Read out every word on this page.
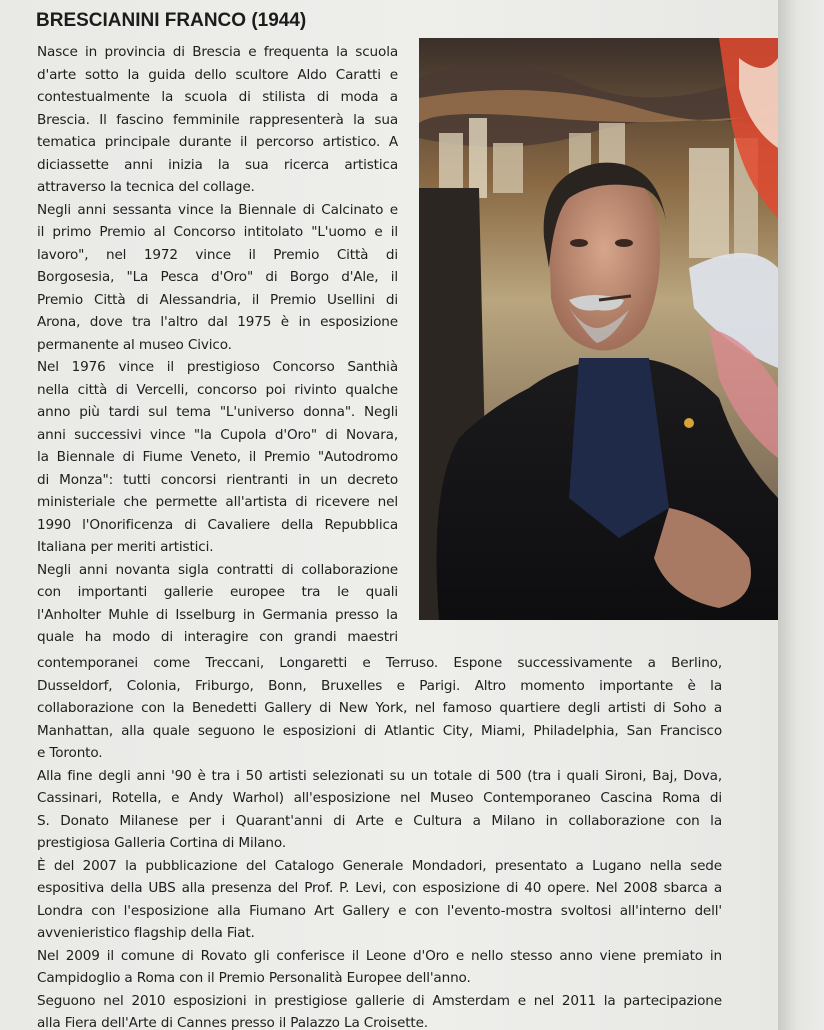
BRESCIANINI FRANCO (1944)
Nasce in provincia di Brescia e frequenta la scuola
d'arte sotto la guida dello scultore Aldo Caratti e
contestualmente la scuola di stilista di moda a
Brescia. Il fascino femminile rappresenterà la sua
tematica principale durante il percorso artistico. A
diciassette anni inizia la sua ricerca artistica
attraverso la tecnica del collage.
Negli anni sessanta vince la Biennale di Calcinato e
il primo Premio al Concorso intitolato "L'uomo e il
lavoro", nel 1972 vince il Premio Città di
Borgosesia, "La Pesca d'Oro" di Borgo d'Ale, il
Premio Città di Alessandria, il Premio Usellini di
Arona, dove tra l'altro dal 1975 è in esposizione
permanente al museo Civico.
Nel 1976 vince il prestigioso Concorso Santhià
nella città di Vercelli, concorso poi rivinto qualche
anno più tardi sul tema "L'universo donna". Negli
anni successivi vince "la Cupola d'Oro" di Novara,
la Biennale di Fiume Veneto, il Premio "Autodromo
di Monza": tutti concorsi rientranti in un decreto
ministeriale che permette all'artista di ricevere nel
1990 l'Onorificenza di Cavaliere della Repubblica
Italiana per meriti artistici.
Negli anni novanta sigla contratti di collaborazione
con importanti gallerie europee tra le quali
l'Anholter Muhle di Isselburg in Germania presso la
quale ha modo di interagire con grandi maestri
contemporanei come Treccani, Longaretti e Terruso. Espone successivamente a Berlino,
Dusseldorf, Colonia, Friburgo, Bonn, Bruxelles e Parigi. Altro momento importante è la
collaborazione con la Benedetti Gallery di New York, nel famoso quartiere degli artisti di Soho a
Manhattan, alla quale seguono le esposizioni di Atlantic City, Miami, Philadelphia, San Francisco
e Toronto.
Alla fine degli anni '90 è tra i 50 artisti selezionati su un totale di 500 (tra i quali Sironi, Baj, Dova,
Cassinari, Rotella, e Andy Warhol) all'esposizione nel Museo Contemporaneo Cascina Roma di
S. Donato Milanese per i Quarant'anni di Arte e Cultura a Milano in collaborazione con la
prestigiosa Galleria Cortina di Milano.
È del 2007 la pubblicazione del Catalogo Generale Mondadori, presentato a Lugano nella sede
espositiva della UBS alla presenza del Prof. P. Levi, con esposizione di 40 opere. Nel 2008 sbarca a
Londra con l'esposizione alla Fiumano Art Gallery e con l'evento-mostra svoltosi all'interno dell'
avvenieristico flagship della Fiat.
Nel 2009 il comune di Rovato gli conferisce il Leone d'Oro e nello stesso anno viene premiato in
Campidoglio a Roma con il Premio Personalità Europee dell'anno.
Seguono nel 2010 esposizioni in prestigiose gallerie di Amsterdam e nel 2011 la partecipazione
alla Fiera dell'Arte di Cannes presso il Palazzo La Croisette.
